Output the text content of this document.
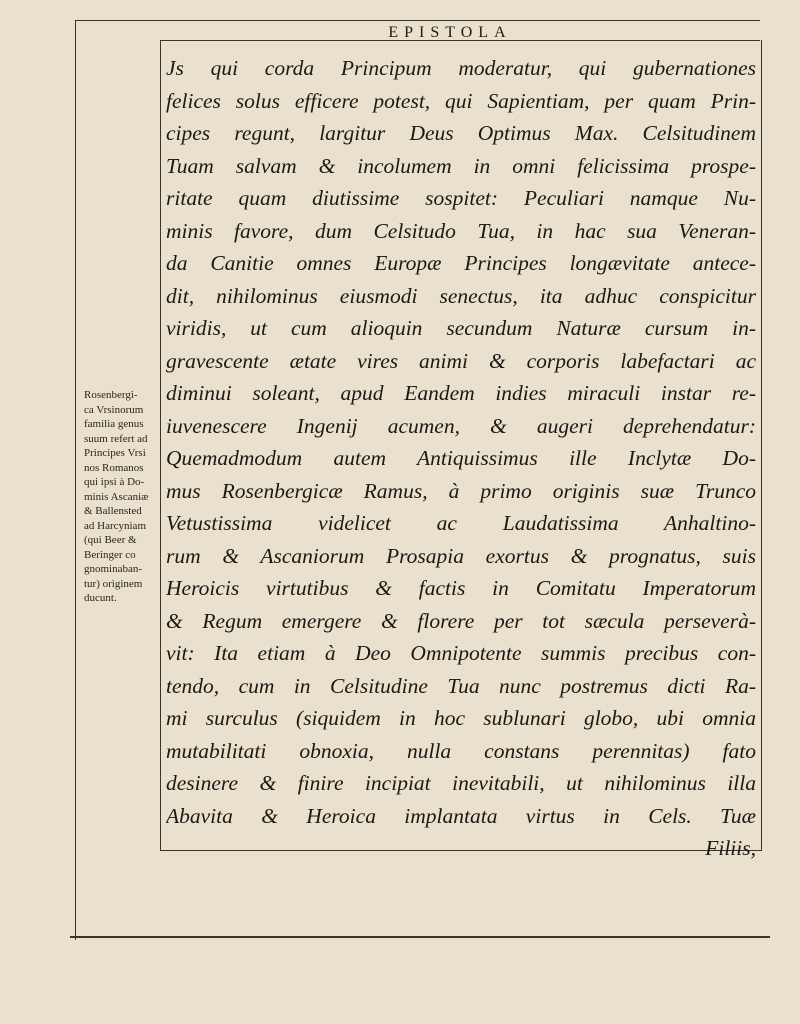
EPISTOLA
Js qui corda Principum moderatur, qui gubernationes
felices solus efficere potest, qui Sapientiam, per quam Prin-
cipes regunt, largitur Deus Optimus Max. Celsitudinem
Tuam salvam & incolumem in omni felicissima prospe-
ritate quam diutissime sospitet: Peculiari namque Nu-
minis favore, dum Celsitudo Tua, in hac sua Veneran-
da Canitie omnes Europæ Principes longævitate antece-
dit, nihilominus eiusmodi senectus, ita adhuc conspicitur
viridis, ut cum alioquin secundum Naturæ cursum in-
gravescente ætate vires animi & corporis labefactari ac
diminui soleant, apud Eandem indies miraculi instar re-
iuvenescere Ingenij acumen, & augeri deprehendatur:
Quemadmodum autem Antiquissimus ille Inclytæ Do-
mus Rosenbergicæ Ramus, à primo originis suæ Trunco
Vetustissima videlicet ac Laudatissima Anhaltino-
rum & Ascaniorum Prosapia exortus & prognatus, suis
Heroicis virtutibus & factis in Comitatu Imperatorum
& Regum emergere & florere per tot sæcula perseverà-
vit: Ita etiam à Deo Omnipotente summis precibus con-
tendo, cum in Celsitudine Tua nunc postremus dicti Ra-
mi surculus (siquidem in hoc sublunari globo, ubi omnia
mutabilitati obnoxia, nulla constans perennitas) fato
desinere & finire incipiat inevitabili, ut nihilominus illa
Abavita & Heroica implantata virtus in Cels. Tuæ
Filiis,
Rosenbergi-
ca Vrsinorum
familia genus
suum refert ad
Principes Vrsi
nos Romanos
qui ipsi à Do-
minis Ascaniæ
& Ballensted
ad Harcyniam
(qui Beer &
Beringer co
gnominaban-
tur) originem
ducunt.
